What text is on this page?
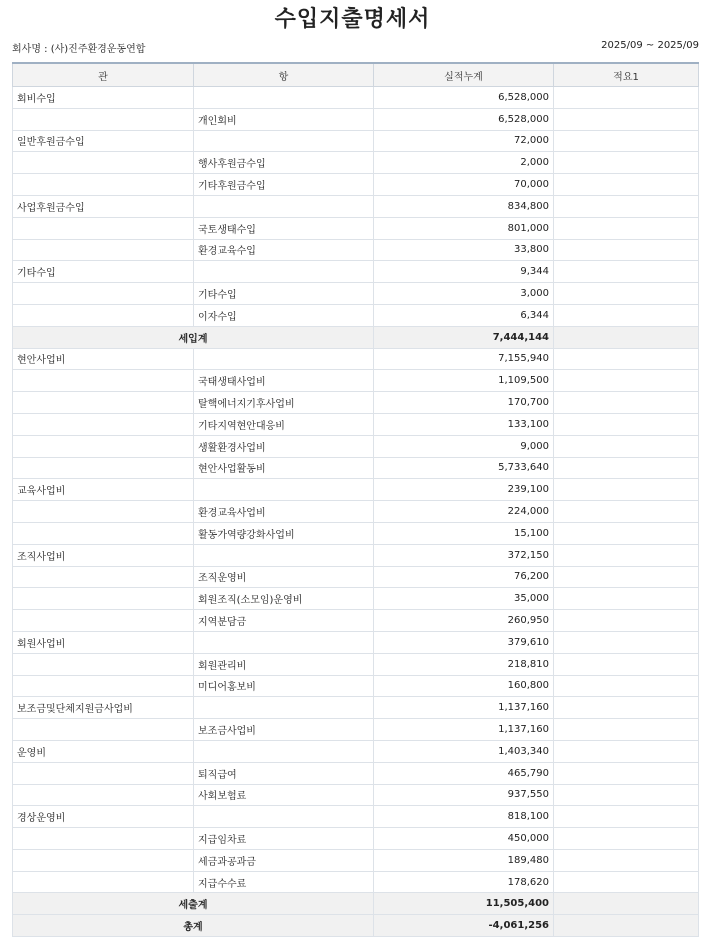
수입지출명세서
회사명 : (사)진주환경운동연합	2025/09 ~ 2025/09
관	항	실적누계	적요1
회비수입		6,528,000	
	개인회비	6,528,000	
일반후원금수입		72,000	
	행사후원금수입	2,000	
	기타후원금수입	70,000	
사업후원금수입		834,800	
	국토생태수입	801,000	
	환경교육수입	33,800	
기타수입		9,344	
	기타수입	3,000	
	이자수입	6,344	
세입계		7,444,144	
현안사업비		7,155,940	
	국태생태사업비	1,109,500	
	탈핵에너지기후사업비	170,700	
	기타지역현안대응비	133,100	
	생활환경사업비	9,000	
	현안사업활동비	5,733,640	
교육사업비		239,100	
	환경교육사업비	224,000	
	활동가역량강화사업비	15,100	
조직사업비		372,150	
	조직운영비	76,200	
	회원조직(소모임)운영비	35,000	
	지역분담금	260,950	
회원사업비		379,610	
	회원관리비	218,810	
	미디어홍보비	160,800	
보조금및단체지원금사업비		1,137,160	
	보조금사업비	1,137,160	
운영비		1,403,340	
	퇴직급여	465,790	
	사회보험료	937,550	
경상운영비		818,100	
	지급임차료	450,000	
	세금과공과금	189,480	
	지급수수료	178,620	
세출계		11,505,400	
총계		-4,061,256	
